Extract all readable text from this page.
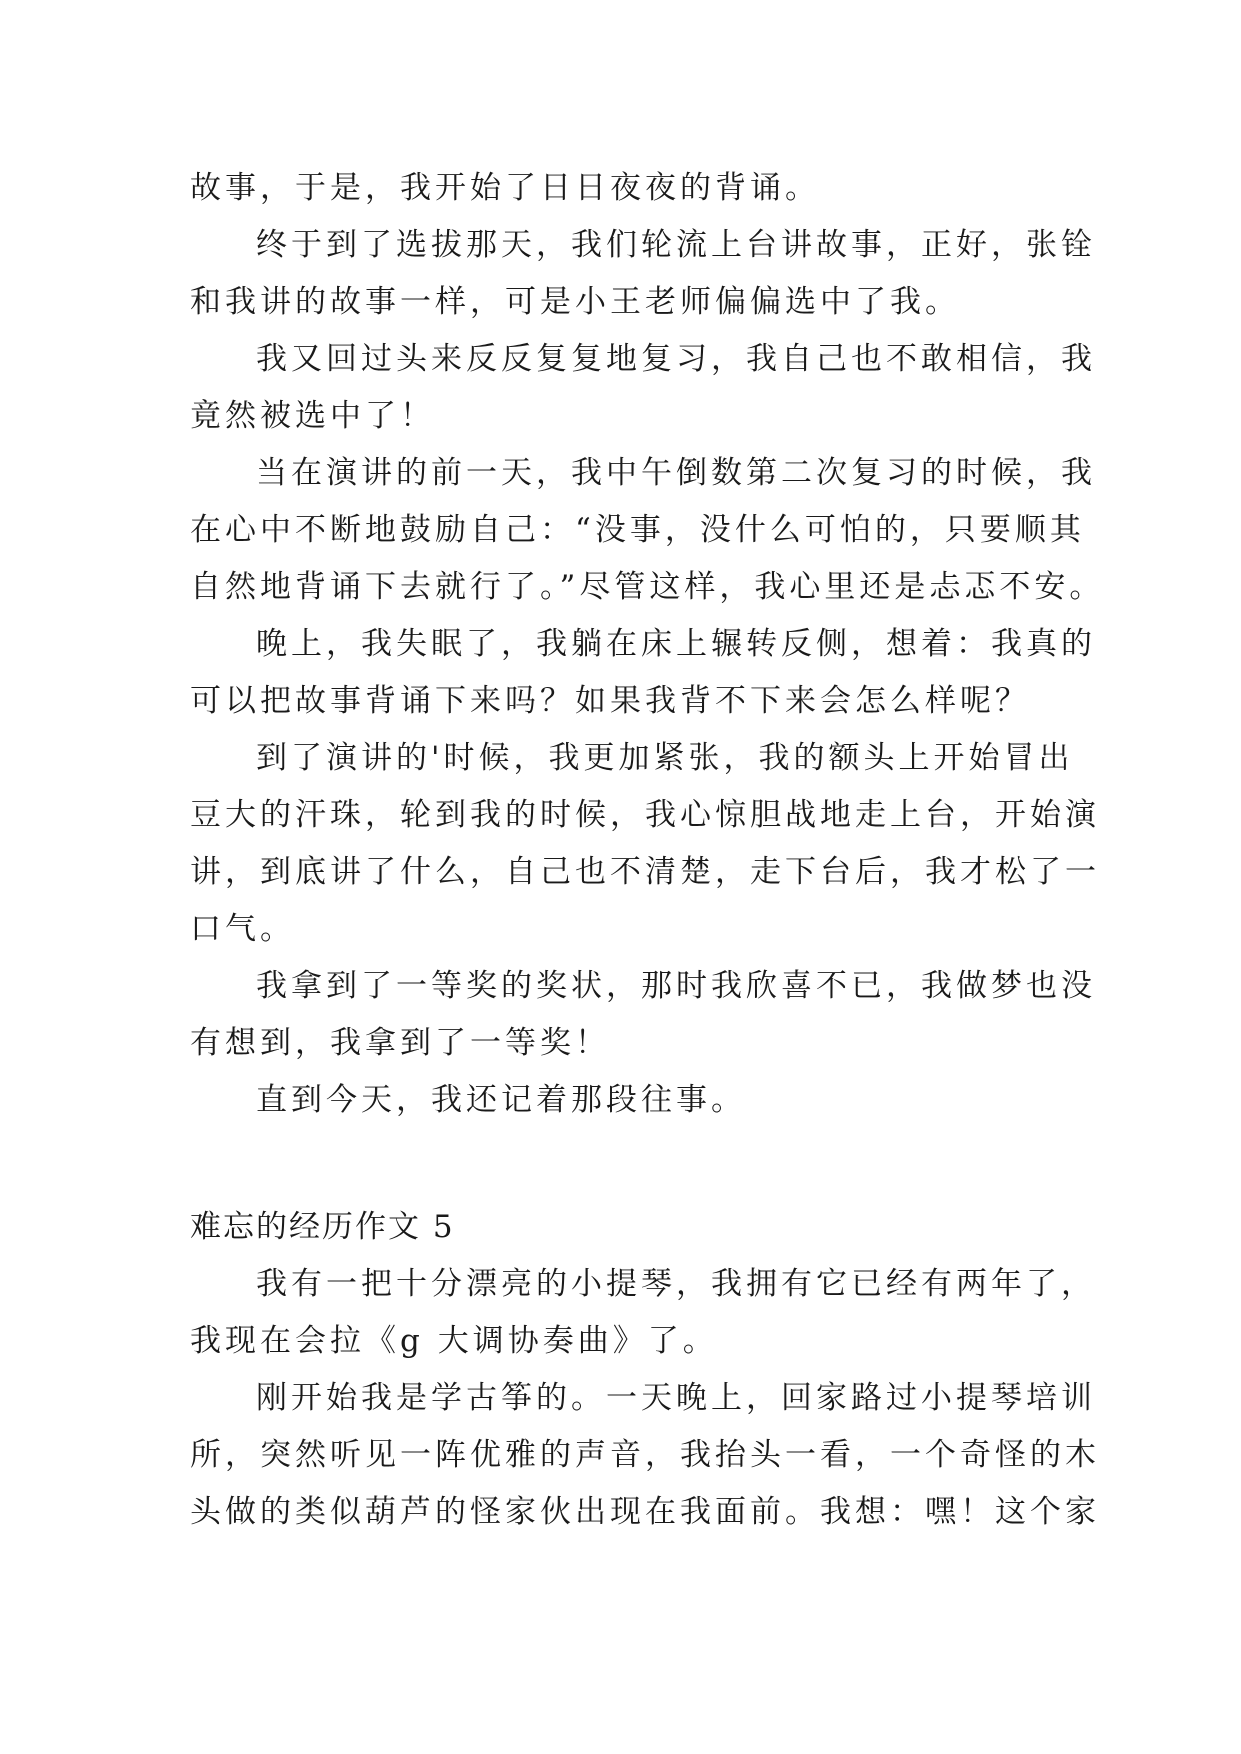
故事，于是，我开始了日日夜夜的背诵。

终于到了选拔那天，我们轮流上台讲故事，正好，张铨

和我讲的故事一样，可是小王老师偏偏选中了我。

我又回过头来反反复复地复习，我自己也不敢相信，我

竟然被选中了！

当在演讲的前一天，我中午倒数第二次复习的时候，我

在心中不断地鼓励自己：“没事，没什么可怕的，只要顺其

自然地背诵下去就行了。”尽管这样，我心里还是忐忑不安。

晚上，我失眠了，我躺在床上辗转反侧，想着：我真的

可以把故事背诵下来吗？如果我背不下来会怎么样呢？

到了演讲的'时候，我更加紧张，我的额头上开始冒出

豆大的汗珠，轮到我的时候，我心惊胆战地走上台，开始演

讲，到底讲了什么，自己也不清楚，走下台后，我才松了一

口气。

我拿到了一等奖的奖状，那时我欣喜不已，我做梦也没

有想到，我拿到了一等奖！

直到今天，我还记着那段往事。

难忘的经历作文 5

我有一把十分漂亮的小提琴，我拥有它已经有两年了，

我现在会拉《g 大调协奏曲》了。

刚开始我是学古筝的。一天晚上，回家路过小提琴培训

所，突然听见一阵优雅的声音，我抬头一看，一个奇怪的木

头做的类似葫芦的怪家伙出现在我面前。我想：嘿！这个家
